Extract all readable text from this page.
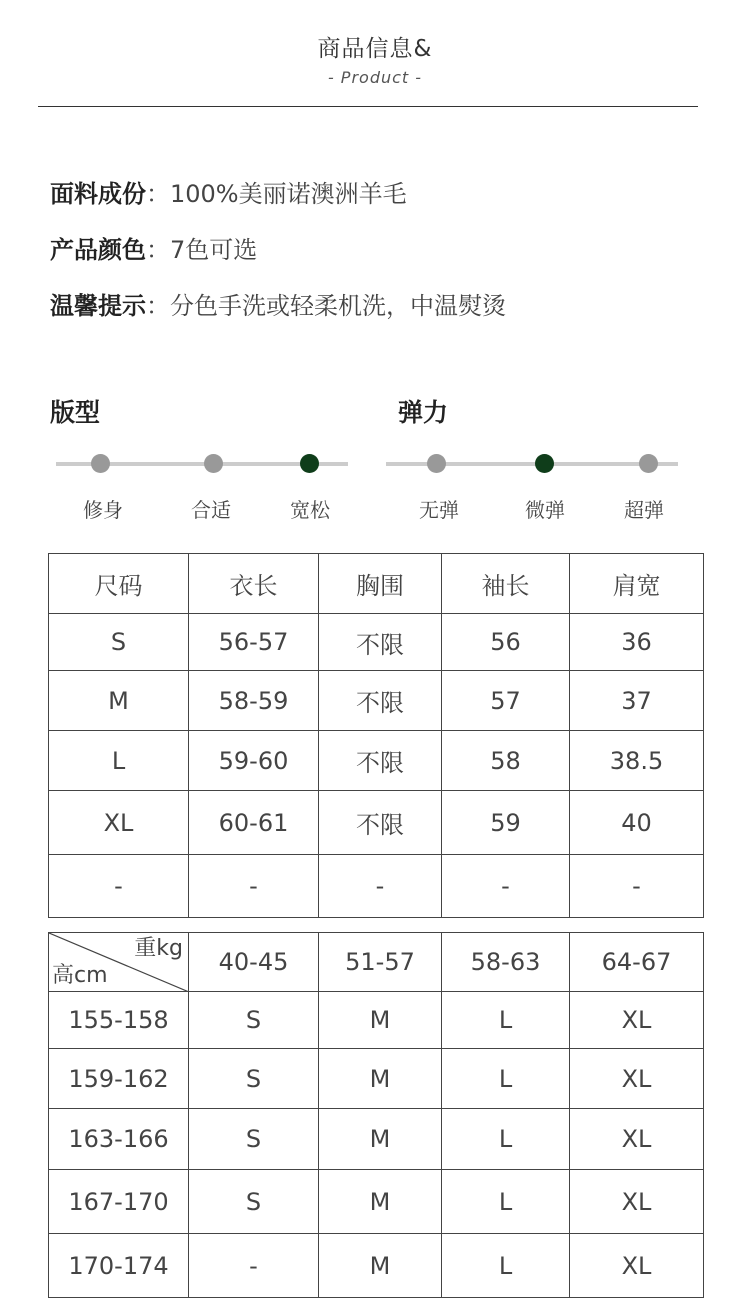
商品信息&
- Product -
面料成份：100%美丽诺澳洲羊毛
产品颜色：7色可选
温馨提示：分色手洗或轻柔机洗，中温熨烫
版型
修身	合适	宽松
弹力
无弹	微弹	超弹
尺码	衣长	胸围	袖长	肩宽
S	56-57	不限	56	36
M	58-59	不限	57	37
L	59-60	不限	58	38.5
XL	60-61	不限	59	40
-	-	-	-	-
重kg
高cm	40-45	51-57	58-63	64-67
155-158	S	M	L	XL
159-162	S	M	L	XL
163-166	S	M	L	XL
167-170	S	M	L	XL
170-174	-	M	L	XL
